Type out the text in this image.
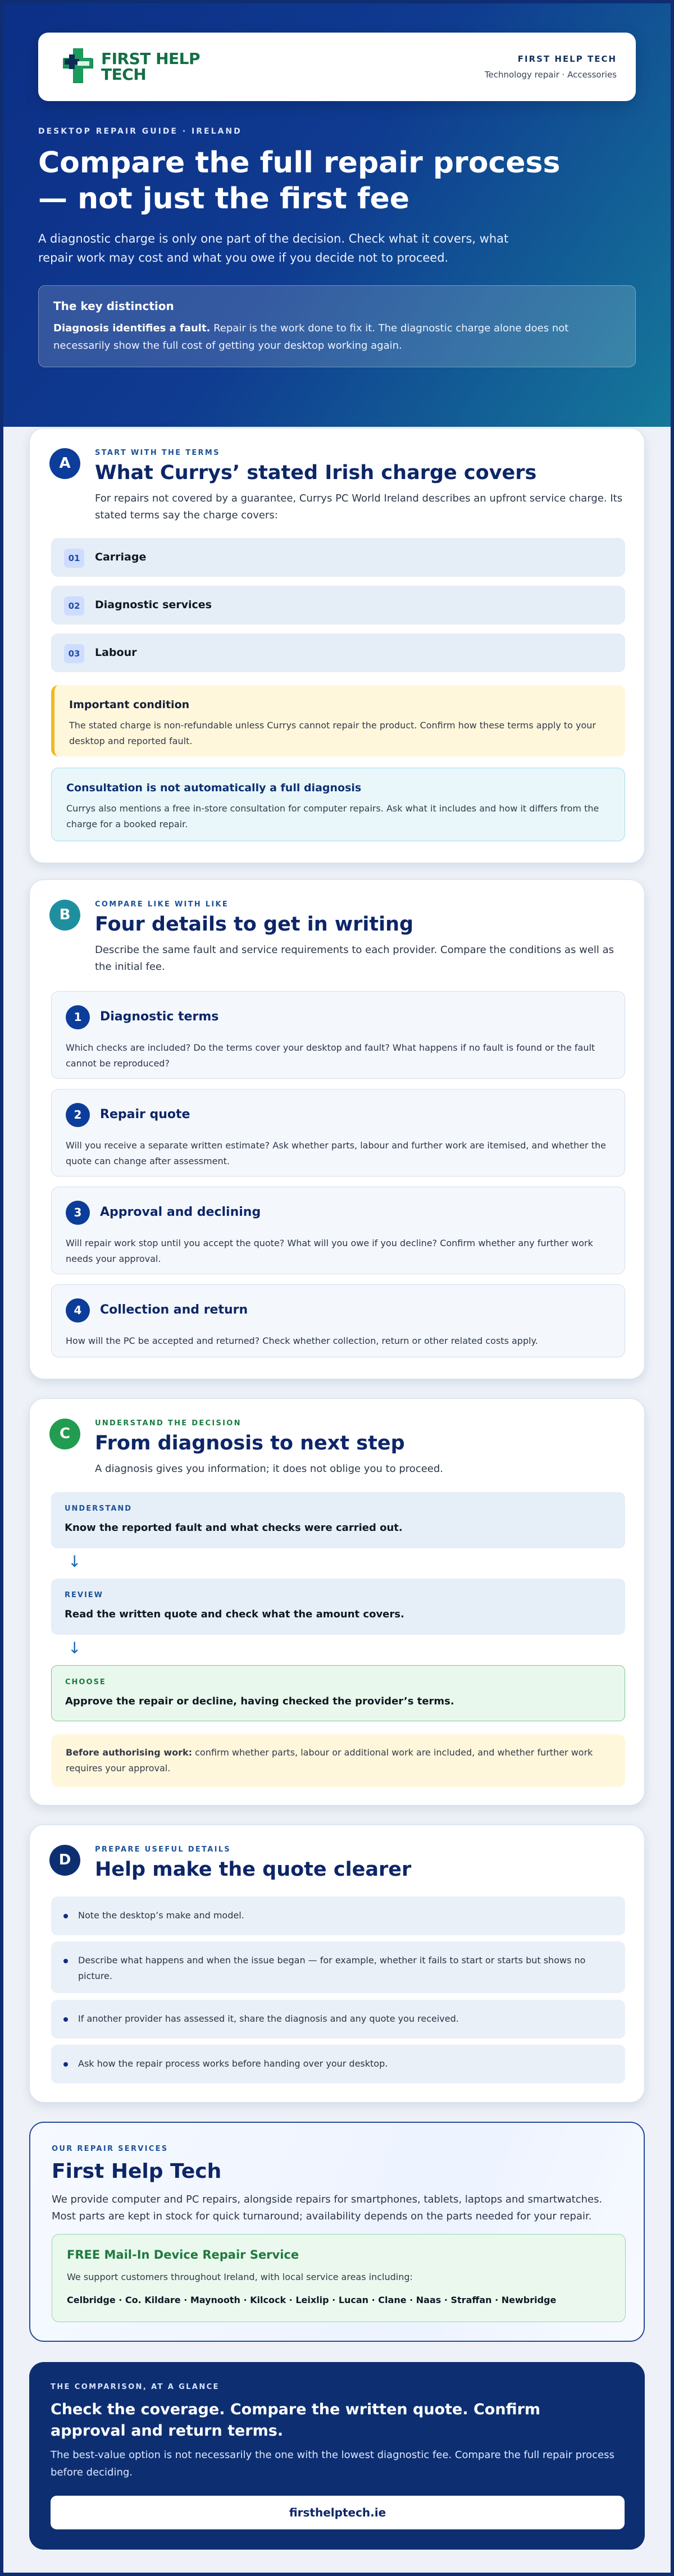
FIRST HELP TECH
FIRST HELP TECH
Technology repair · Accessories
DESKTOP REPAIR GUIDE · IRELAND
Compare the full repair process — not just the first fee

A diagnostic charge is only one part of the decision. Check what it covers, what repair work may cost and what you owe if you decide not to proceed.

The key distinction

Diagnosis identifies a fault. Repair is the work done to fix it. The diagnostic charge alone does not necessarily show the full cost of getting your desktop working again.

A
START WITH THE TERMS
What Currys’ stated Irish charge covers

For repairs not covered by a guarantee, Currys PC World Ireland describes an upfront service charge. Its stated terms say the charge covers:

01	Carriage
02	Diagnostic services
03	Labour
Important condition

The stated charge is non-refundable unless Currys cannot repair the product. Confirm how these terms apply to your desktop and reported fault.

Consultation is not automatically a full diagnosis

Currys also mentions a free in-store consultation for computer repairs. Ask what it includes and how it differs from the charge for a booked repair.

B
COMPARE LIKE WITH LIKE
Four details to get in writing

Describe the same fault and service requirements to each provider. Compare the conditions as well as the initial fee.

1	Diagnostic terms

Which checks are included? Do the terms cover your desktop and fault? What happens if no fault is found or the fault cannot be reproduced?

2	Repair quote

Will you receive a separate written estimate? Ask whether parts, labour and further work are itemised, and whether the quote can change after assessment.

3	Approval and declining

Will repair work stop until you accept the quote? What will you owe if you decline? Confirm whether any further work needs your approval.

4	Collection and return

How will the PC be accepted and returned? Check whether collection, return or other related costs apply.

C
UNDERSTAND THE DECISION
From diagnosis to next step

A diagnosis gives you information; it does not oblige you to proceed.

UNDERSTAND
Know the reported fault and what checks were carried out.
↓
REVIEW
Read the written quote and check what the amount covers.
↓
CHOOSE
Approve the repair or decline, having checked the provider’s terms.

Before authorising work: confirm whether parts, labour or additional work are included, and whether further work requires your approval.

D
PREPARE USEFUL DETAILS
Help make the quote clearer

Note the desktop’s make and model.

Describe what happens and when the issue began — for example, whether it fails to start or starts but shows no picture.

If another provider has assessed it, share the diagnosis and any quote you received.

Ask how the repair process works before handing over your desktop.

OUR REPAIR SERVICES
First Help Tech

We provide computer and PC repairs, alongside repairs for smartphones, tablets, laptops and smartwatches. Most parts are kept in stock for quick turnaround; availability depends on the parts needed for your repair.

FREE Mail-In Device Repair Service

We support customers throughout Ireland, with local service areas including:

Celbridge · Co. Kildare · Maynooth · Kilcock · Leixlip · Lucan · Clane · Naas · Straffan · Newbridge

THE COMPARISON, AT A GLANCE
Check the coverage. Compare the written quote. Confirm approval and return terms.

The best-value option is not necessarily the one with the lowest diagnostic fee. Compare the full repair process before deciding.

firsthelptech.ie
